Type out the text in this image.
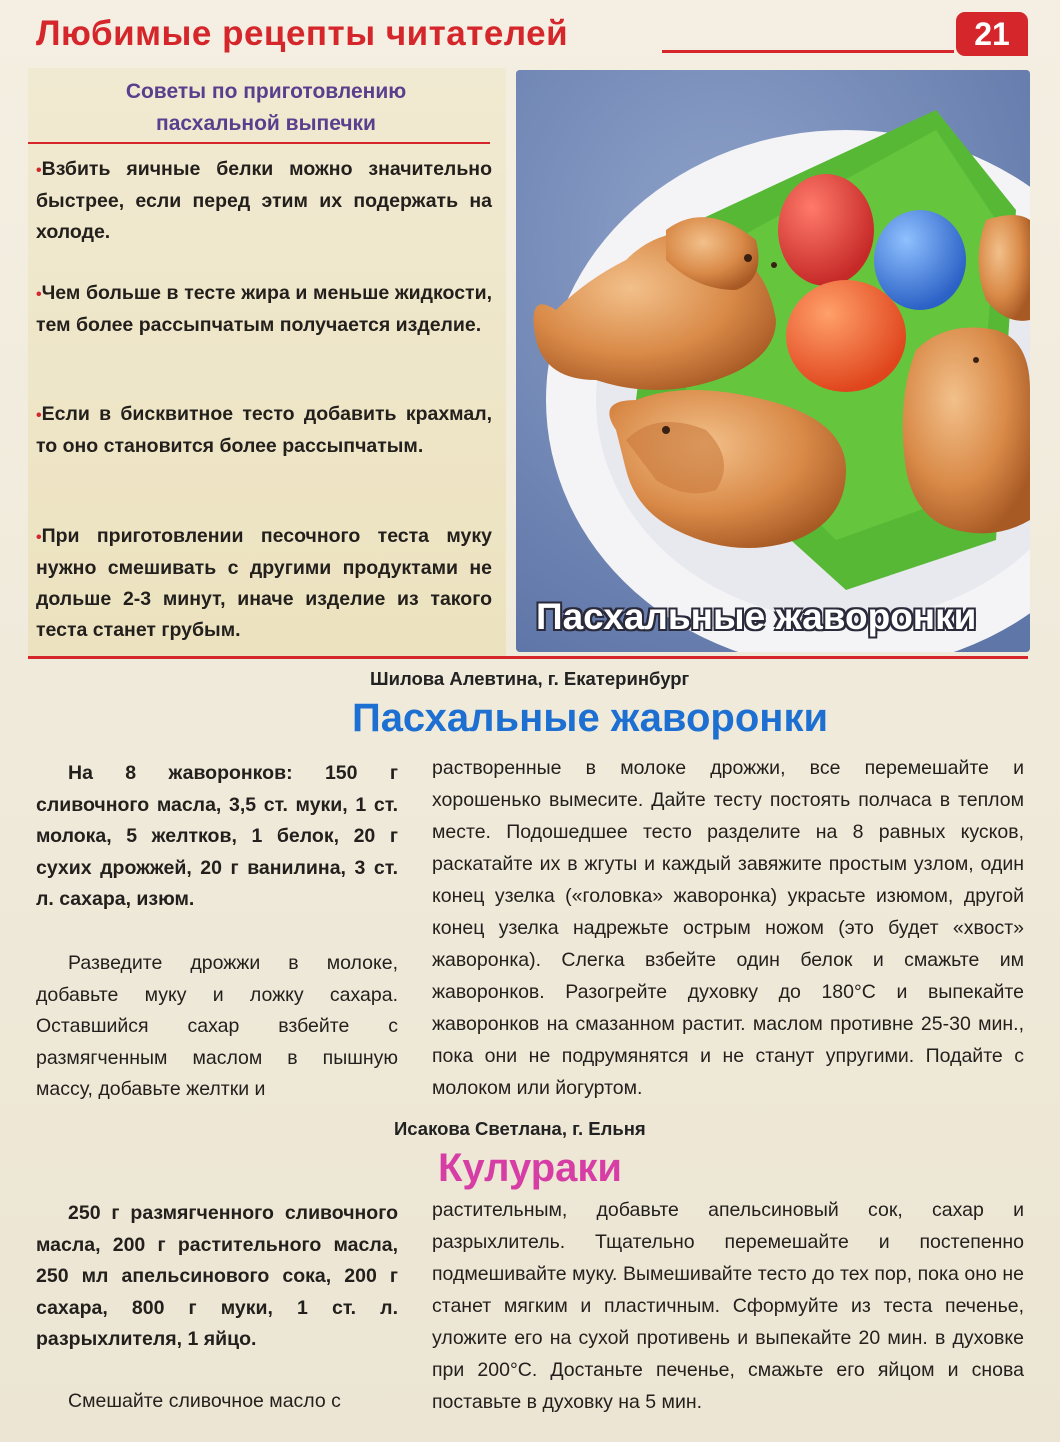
Любимые рецепты читателей	21
Советы по приготовлению
пасхальной выпечки
•Взбить яичные белки можно значительно быстрее, если перед этим их подержать на холоде.
•Чем больше в тесте жира и меньше жидкости, тем более рассыпчатым получается изделие.
•Если в бисквитное тесто добавить крахмал, то оно становится более рассыпчатым.
•При приготовлении песочного теста муку нужно смешивать с другими продуктами не дольше 2-3 минут, иначе изделие из такого теста станет грубым.	Пасхальные жаворонки
Шилова Алевтина, г. Екатеринбург
Пасхальные жаворонки

На 8 жаворонков: 150 г сливочного масла, 3,5 ст. муки, 1 ст. молока, 5 желтков, 1 белок, 20 г сухих дрожжей, 20 г ванилина, 3 ст. л. сахара, изюм.

Разведите дрожжи в молоке, добавьте муку и ложку сахара. Оставшийся сахар взбейте с размягченным маслом в пышную массу, добавьте желтки и

растворенные в молоке дрожжи, все перемешайте и хорошенько вымесите. Дайте тесту постоять полчаса в теплом месте. Подошедшее тесто разделите на 8 равных кусков, раскатайте их в жгуты и каждый завяжите простым узлом, один конец узелка («головка» жаворонка) украсьте изюмом, другой конец узелка надрежьте острым ножом (это будет «хвост» жаворонка). Слегка взбейте один белок и смажьте им жаворонков. Разогрейте духовку до 180°С и выпекайте жаворонков на смазанном растит. маслом противне 25-30 мин., пока они не подрумянятся и не станут упругими. Подайте с молоком или йогуртом.

Исакова Светлана, г. Ельня
Кулураки

250 г размягченного сливочного масла, 200 г растительного масла, 250 мл апельсинового сока, 200 г сахара, 800 г муки, 1 ст. л. разрыхлителя, 1 яйцо.

Смешайте сливочное масло с

растительным, добавьте апельсиновый сок, сахар и разрыхлитель. Тщательно перемешайте и постепенно подмешивайте муку. Вымешивайте тесто до тех пор, пока оно не станет мягким и пластичным. Сформуйте из теста печенье, уложите его на сухой противень и выпекайте 20 мин. в духовке при 200°С. Достаньте печенье, смажьте его яйцом и снова поставьте в духовку на 5 мин.
